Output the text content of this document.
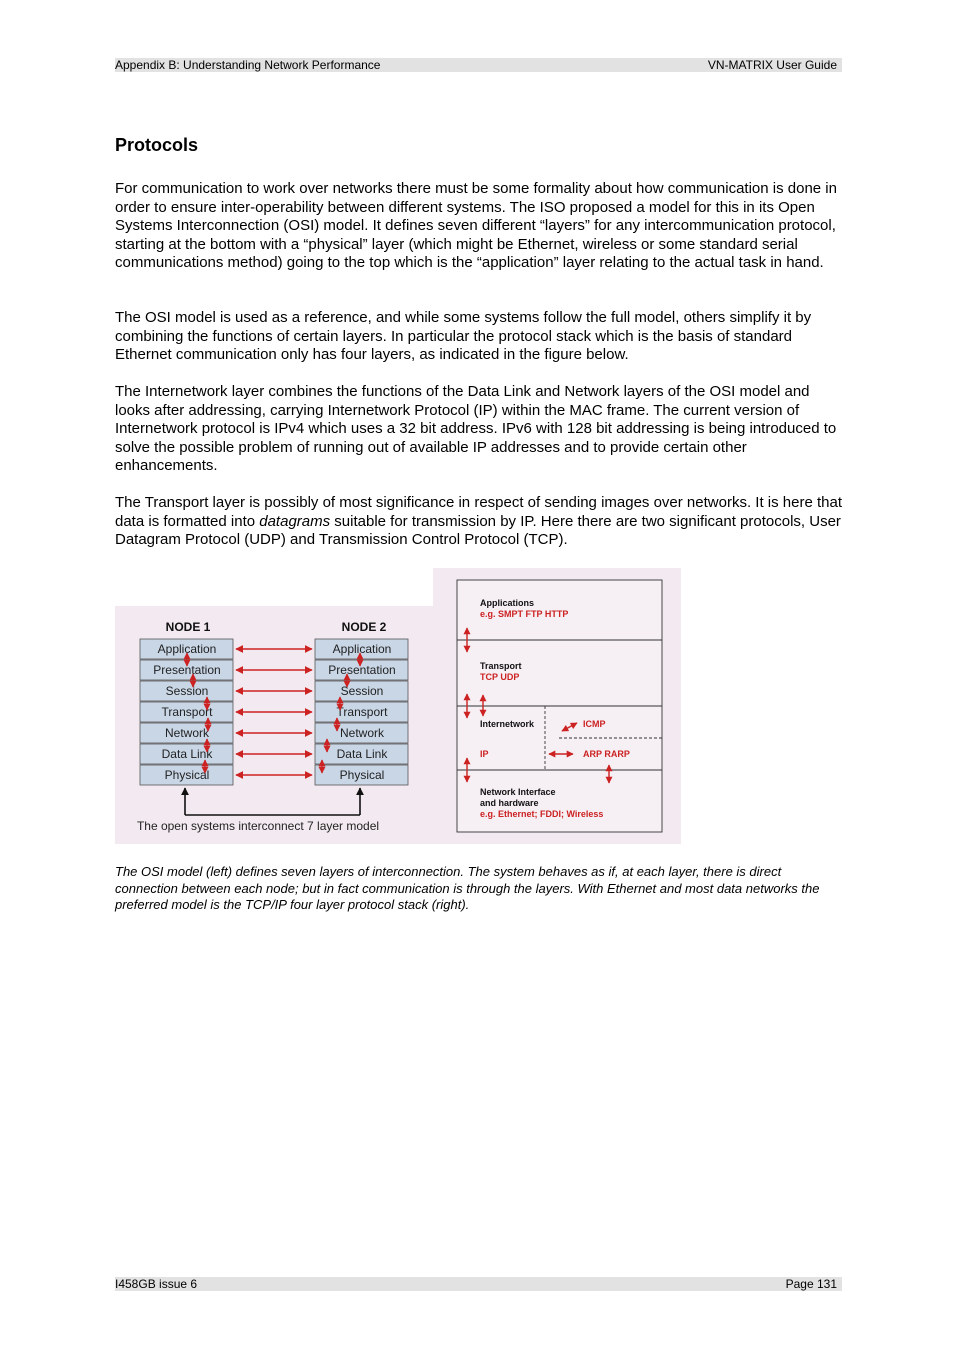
Appendix B: Understanding Network Performance	VN-MATRIX User Guide
Protocols

For communication to work over networks there must be some formality about how communication is done in order to ensure inter-operability between different systems. The ISO proposed a model for this in its Open Systems Interconnection (OSI) model. It defines seven different “layers” for any intercommunication protocol, starting at the bottom with a “physical” layer (which might be Ethernet, wireless or some standard serial communications method) going to the top which is the “application” layer relating to the actual task in hand.

The OSI model is used as a reference, and while some systems follow the full model, others simplify it by combining the functions of certain layers. In particular the protocol stack which is the basis of standard Ethernet communication only has four layers, as indicated in the figure below.

The Internetwork layer combines the functions of the Data Link and Network layers of the OSI model and looks after addressing, carrying Internetwork Protocol (IP) within the MAC frame. The current version of Internetwork protocol is IPv4 which uses a 32 bit address. IPv6 with 128 bit addressing is being introduced to solve the possible problem of running out of available IP addresses and to provide certain other enhancements.

The Transport layer is possibly of most significance in respect of sending images over networks. It is here that data is formatted into datagrams suitable for transmission by IP. Here there are two significant protocols, User Datagram Protocol (UDP) and Transmission Control Protocol (TCP).

NODE 1	NODE 2
Application
Presentation
Session
Transport
Network
Data Link
Physical
Application
Presentation
Session
Transport
Network
Data Link
Physical
The open systems interconnect 7 layer model
Applications
e.g. SMPT FTP HTTP
Transport
TCP UDP
Internetwork	ICMP
IP	ARP RARP
Network Interface
and hardware
e.g. Ethernet; FDDI; Wireless

The OSI model (left) defines seven layers of interconnection. The system behaves as if, at each layer, there is direct connection between each node; but in fact communication is through the layers. With Ethernet and most data networks the preferred model is the TCP/IP four layer protocol stack (right).

I458GB issue 6	Page 131
